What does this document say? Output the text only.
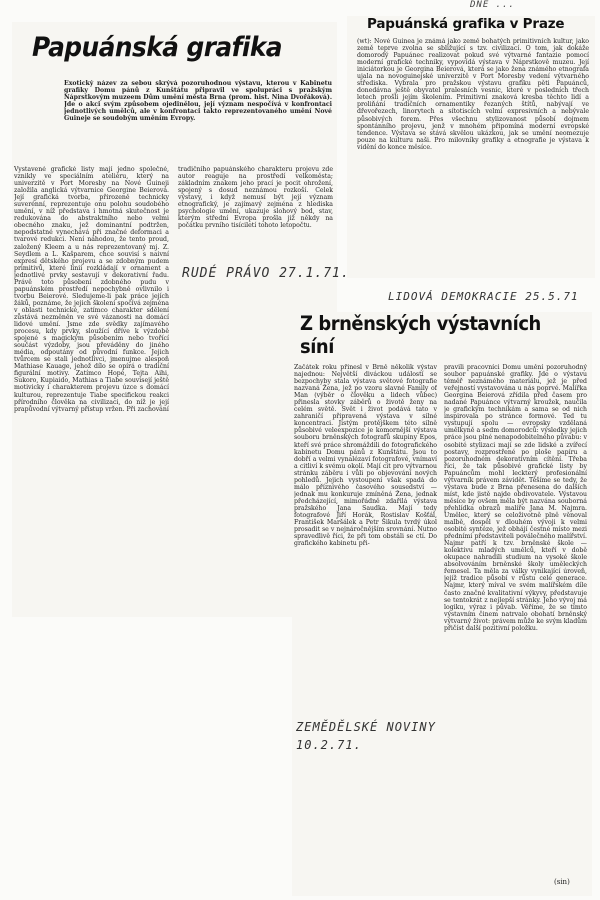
DNE ...
Papuánská grafika
Exotický název za sebou skrývá pozoruhodnou výstavu, kterou v Kabinetu grafiky Domu pánů z Kunštátu připravil ve spolupráci s pražským Náprstkovým muzeem Dům umění města Brna (prom. hist. Nina Dvořáková). Jde o akci svým způsobem ojedinělou, její význam nespočívá v konfrontaci jednotlivých umělců, ale v konfrontaci takto reprezentovaného umění Nové Guineje se soudobým uměním Evropy.
Vystavené grafické listy mají jedno společné, vznikly ve speciálním ateliéru, který na univerzitě v Port Moresby na Nové Guineji založila anglická výtvarnice Georgine Beierová. Její grafická tvorba, přirozeně technicky suverénní, reprezentuje onu polohu soudobého umění, v níž představa i hmotná skutečnost je redukována do abstraktního nebo velmi obecného znaku, jež dominantní podtržen, nepodstatné vynechává při značné deformaci a tvarové redukci. Není náhodou, že tento proud, založený Kleem a u nás reprezentovaný mj. Z. Seydlem a L. Kašparem, chce souvisí s naivní expresí dětského projevu a se zdobným pudem primitivů, které linií rozkládají v ornament a jednotlivé prvky sestavují v dekorativní řadu. Právě toto působení zdobného pudu v papuánském prostředí nepochybně ovlivnilo i tvorbu Beierové. Sledujeme-li pak práce jejích žáků, poznáme, že jejich školení spočívá zejména v oblasti technické, zatímco charakter sdělení zůstává nezměněn ve své vázanosti na domácí lidové umění. Jsme zde svědky zajímavého procesu, kdy prvky, sloužící dříve k výzdobě spojené s magickým působením nebo tvořící součást výzdoby, jsou převáděny do jiného média, odpoutány od původní funkce. Jejich tvůrcem se stali jednotlivci, jmenujme alespoň Mathiase Kauage, jehož dílo se opírá o tradiční figurální motivy. Zatímco Hopé, Tejta Aihi, Sukoro, Kupiaido, Mathias a Tiabe souvisejí ještě motivicky i charakterem projevu úzce s domácí kulturou, reprezentuje Tiabe specifickou reakci přírodního člověka na civilizaci, do níž je její prapůvodní výtvarný přístup vržen. Při zachování
tradičního papuánského charakteru projevu zde autor reaguje na prostředí velkoměsta; základním znakem jeho prací je pocit ohrožení, spojený s dosud neznámou rozkoší. Celek výstavy, i když nemusí být její význam etnografický, je zajímavý zejména z hlediska psychologie umění, ukazuje slohový bod, stav, kterým střední Evropa prošla již někdy na počátku prvního tisíciletí tohoto letopočtu.
Papuánská grafika v Praze
(wt): Nové Guinea je známá jako země bohatých primitivních kultur, jako země teprve zvolna se sbližující s tzv. civilizací. O tom, jak dokáže domorodý Papuánec realizovat pokud své výtvarné fantazie pomocí moderní grafické techniky, vypovídá výstava v Náprstkově muzeu. Její iniciátorkou je Georgina Beierová, která se jako žena známého etnografa ujala na novoguinejské univerzitě v Port Moresby vedení výtvarného střediska. Vybrala pro pražskou výstavu grafiku pěti Papuánců, donedávna ještě obyvatel pralesních vesnic, které v posledních třech letech prošli jejím školením. Primitivní znaková kresba těchto lidí a proliňání tradičních ornamentiky řezaných štítů, nabývají ve dřevořezech, linorytech a sítotiscích velmi expresivních a nebývale působivých forem. Přes všechnu stylizovanost působí dojmem spontánního projevu, jenž v mnohém připomíná moderní evropské tendence. Výstava se stává skvělou ukázkou, jak se umění neomezuje pouze na kulturu naši. Pro milovníky grafiky a etnografie je výstava k vidění do konce měsíce.
RUDÉ PRÁVO 27.1.71.
LIDOVÁ DEMOKRACIE 25.5.71
Z brněnských výstavních síní
Začátek roku přinesl v Brně několik výstav najednou: Největší diváckou událostí se bezpochyby stala výstava světové fotografie nazvaná Žena, jež po vzoru slavné Family of Man (výběr o člověku a lidech vůbec) přinesla stovky záběrů o životě ženy na celém světě. Svět i život podává tato v zahraničí připravená výstava v silné koncentraci. Jistým protějškem této silně působivé veleexpozice je komornější výstava souboru brněnských fotografů skupiny Epos, kteří své práce shromáždili do fotografického kabinetu Domu pánů z Kunštátu. Jsou to dobří a velmi vynalézaví fotografové, vnímaví a citliví k svému okolí. Mají cit pro výtvarnou stránku záběru i vůli po objevování nových pohledů. Jejich vystoupení však spadá do málo příznivého časového sousedství — jednak mu konkuruje zmíněná Žena, jednak předcházející, mimořádně zdařilá výstava pražského Jana Saudka. Mají tedy fotografové Jiří Horák, Rostislav Košťál, František Maršálek a Petr Šikula tvrdý úkol prosadit se v nejnáročnějším srovnání. Nutno spravedlivě říci, že při tom obstáli se ctí. Do grafického kabinetu při-
pravili pracovníci Domu umění pozoruhodný soubor papuánské grafiky. Jde o výstavu téměř neznámého materiálu, jež je před veřejností vystavována u nás poprvé. Malířka Georgina Beierová zřídila před časem pro nadané Papuánce výtvarný kroužek, naučila je grafickým technikám a sama se od nich inspirovala po stránce formové. Ted tu vystupují spolu — evropsky vzdělaná umělkyně a sedm domorodců: výsledky jejich práce jsou plné nenapodobitelného půvabu: v osobité stylizaci mají se zde lidské a zvířecí postavy, rozprostřené po ploše papíru a pozoruhodném dekorativním cítění. Třeba říci, že tak působivé grafické listy by Papuáncům mohl leckterý profesionální výtvarník právem závidět. Těšíme se tedy, že výstava bude z Brna přenesena do dalších míst, kde jistě najde obdivovatele. Výstavou měsíce by ovšem měla být nazvána souborná přehlídka obrazů malíře Jana M. Najmra. Umělec, který se celoživotně plně věnoval malbě, dospěl v dlouhém vývoji k velmi osobité syntéze, jež obhájí čestné místo mezi předními představiteli poválečného malířství. Najmr patří k tzv. brněnské škole — kolektivu mladých umělců, kteří v době okupace nahradili studium na vysoké škole absolvováním brněnské školy uměleckých řemesel. Ta měla za války vynikající úroveň, jejíž tradice působí v růstu celé generace. Najmr, který míval ve svém malířském díle často značné kvalitativní výkyvy, představuje se tentokrát z nejlepší stránky. Jeho vývoj má logiku, výraz i půvab. Věříme, že se tímto výstavním činem natrvalo obohatí brněnský výtvarný život: právem může ke svým kladům přičíst další pozitivní položku.
(sin)
ZEMĚDĚLSKÉ NOVINY 10.2.71.
